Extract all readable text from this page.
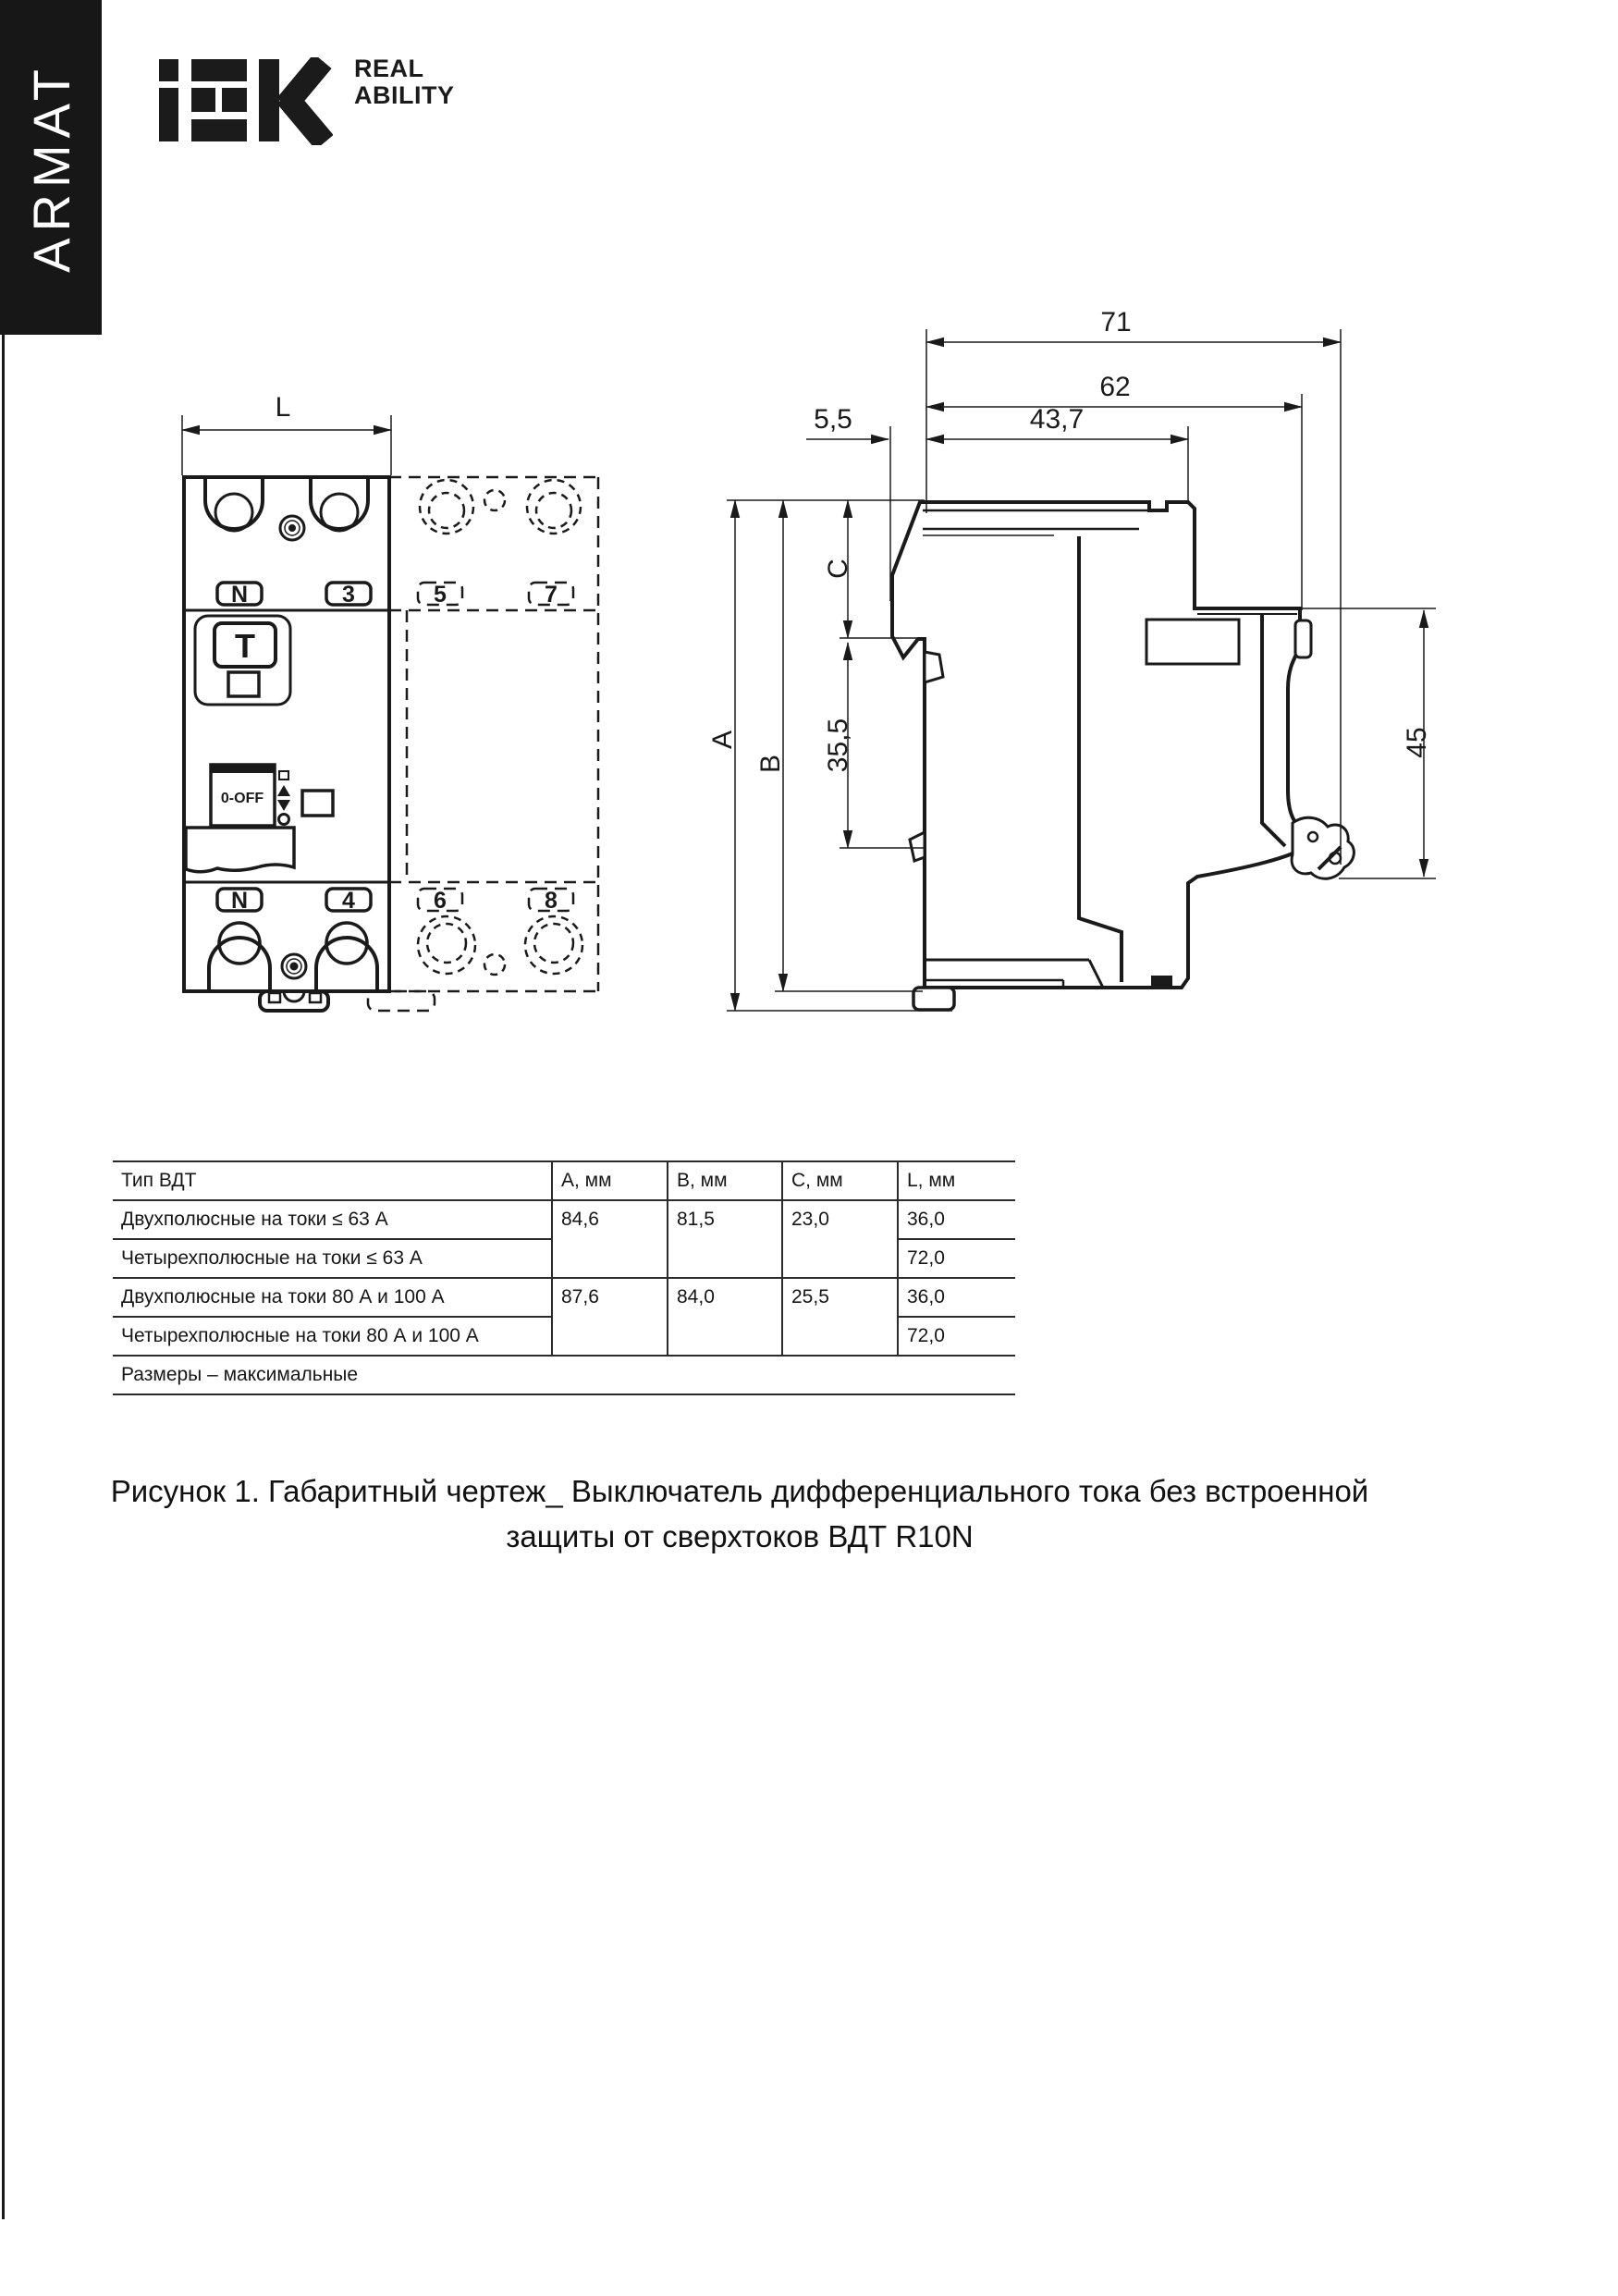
ARMAT	REAL
ABILITY
L
N	3	5	7
T
0-OFF
N	4	6	8
71
62
5,5	43,7
A
B
C
35,5	45
Тип ВДТ	A, мм	B, мм	C, мм	L, мм
Двухполюсные на токи ≤ 63 А	84,6	81,5	23,0	36,0
Четырехполюсные на токи ≤ 63 А				72,0
Двухполюсные на токи 80 А и 100 А	87,6	84,0	25,5	36,0
Четырехполюсные на токи 80 А и 100 А				72,0
Размеры – максимальные				
Рисунок 1. Габаритный чертеж_ Выключатель дифференциального тока без встроенной
защиты от сверхтоков ВДТ R10N
